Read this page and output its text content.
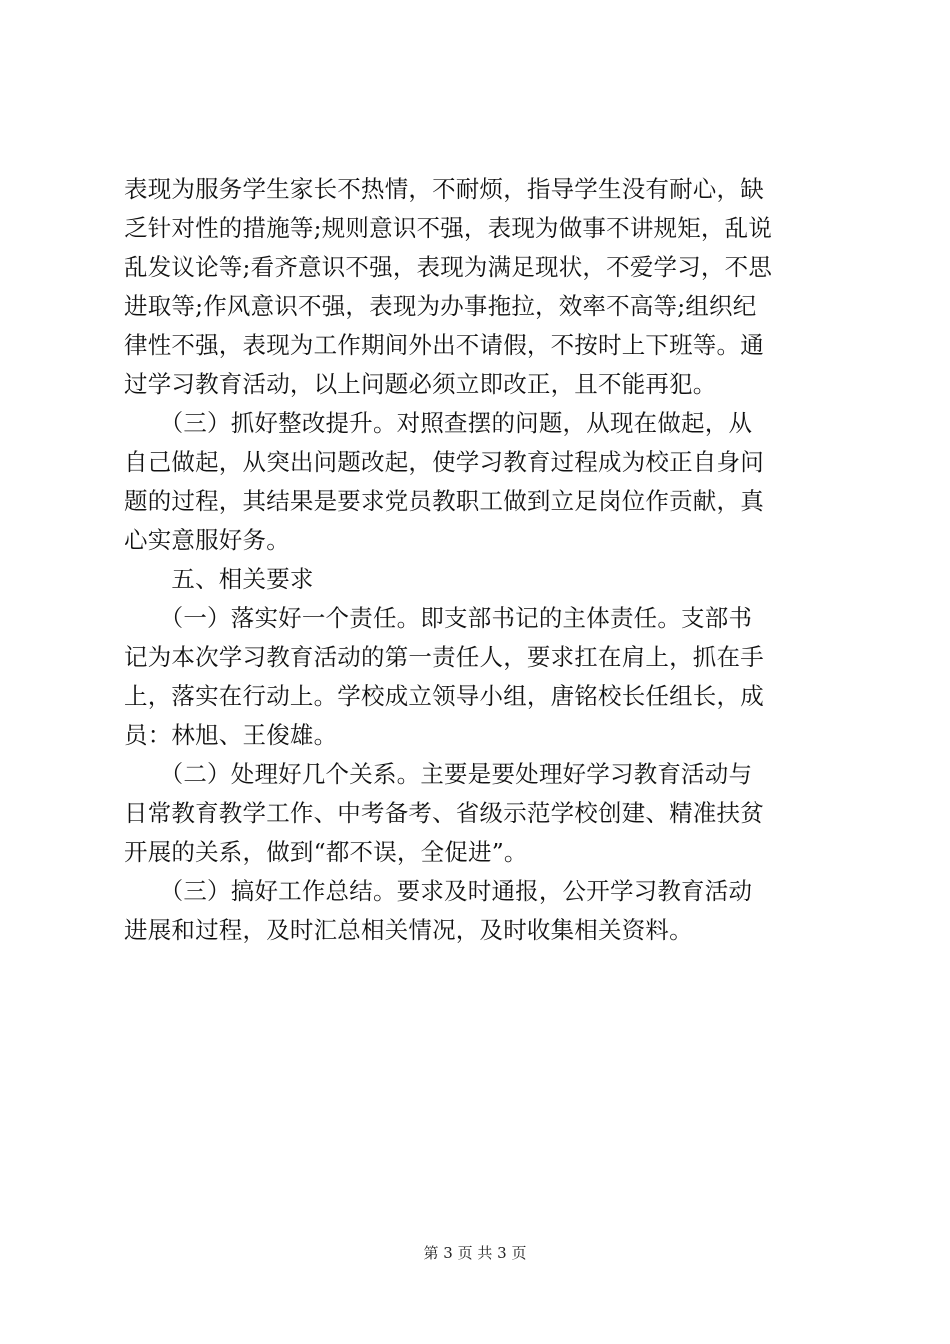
表现为服务学生家长不热情，不耐烦，指导学生没有耐心，缺
乏针对性的措施等;规则意识不强，表现为做事不讲规矩，乱说
乱发议论等;看齐意识不强，表现为满足现状，不爱学习，不思
进取等;作风意识不强，表现为办事拖拉，效率不高等;组织纪
律性不强，表现为工作期间外出不请假，不按时上下班等。通
过学习教育活动，以上问题必须立即改正，且不能再犯。
　　（三）抓好整改提升。对照查摆的问题，从现在做起，从
自己做起，从突出问题改起，使学习教育过程成为校正自身问
题的过程，其结果是要求党员教职工做到立足岗位作贡献，真
心实意服好务。
　　五、相关要求
　　（一）落实好一个责任。即支部书记的主体责任。支部书
记为本次学习教育活动的第一责任人，要求扛在肩上，抓在手
上，落实在行动上。学校成立领导小组，唐铭校长任组长，成
员：林旭、王俊雄。
　　（二）处理好几个关系。主要是要处理好学习教育活动与
日常教育教学工作、中考备考、省级示范学校创建、精准扶贫
开展的关系，做到“都不误，全促进”。
　　（三）搞好工作总结。要求及时通报，公开学习教育活动
进展和过程，及时汇总相关情况，及时收集相关资料。
第 3 页 共 3 页
